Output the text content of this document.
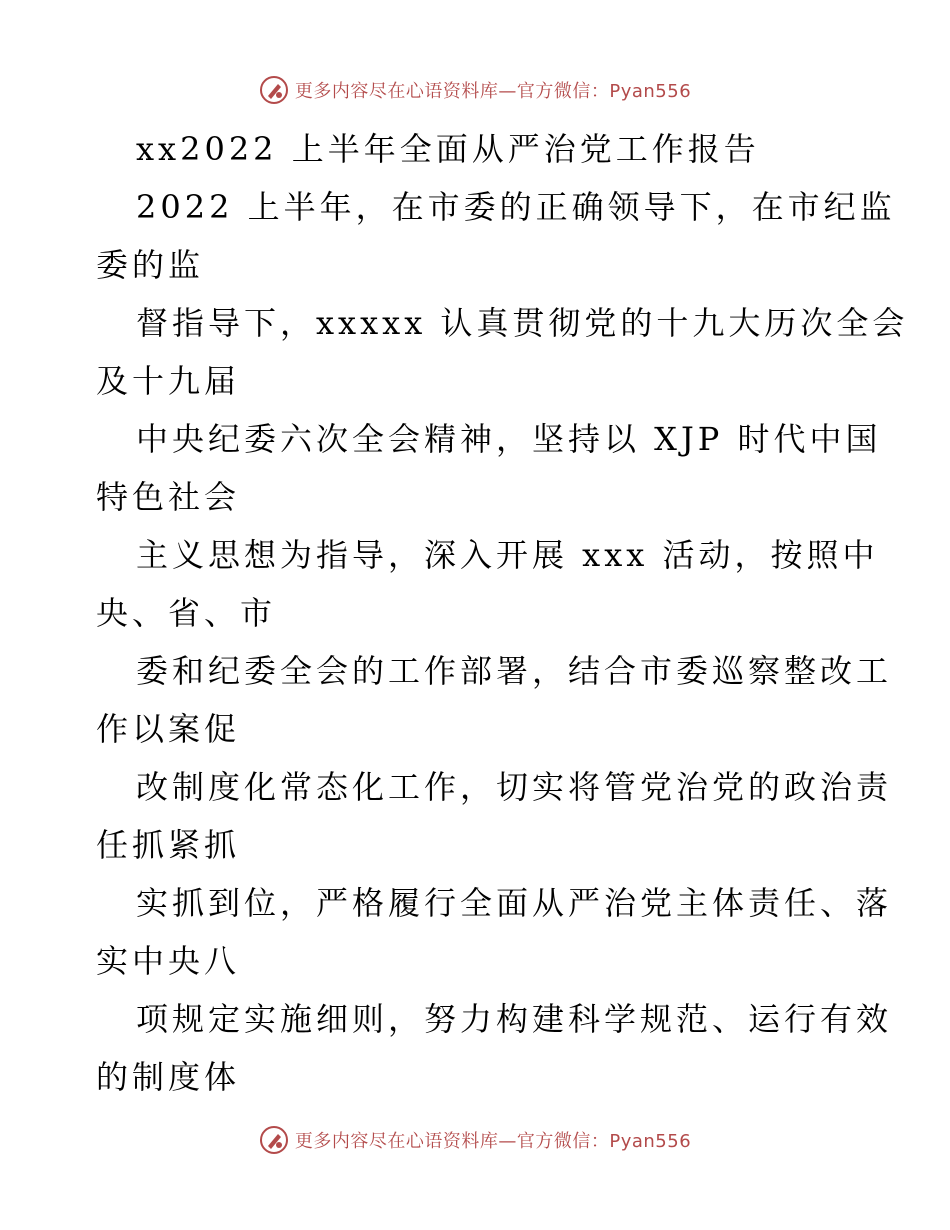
更多内容尽在心语资料库—官方微信：Pyan556
xx2022 上半年全面从严治党工作报告
2022 上半年，在市委的正确领导下，在市纪监
委的监
督指导下，xxxxx 认真贯彻党的十九大历次全会
及十九届
中央纪委六次全会精神，坚持以 XJP 时代中国
特色社会
主义思想为指导，深入开展 xxx 活动，按照中
央、省、市
委和纪委全会的工作部署，结合市委巡察整改工
作以案促
改制度化常态化工作，切实将管党治党的政治责
任抓紧抓
实抓到位，严格履行全面从严治党主体责任、落
实中央八
项规定实施细则，努力构建科学规范、运行有效
的制度体
更多内容尽在心语资料库—官方微信：Pyan556
